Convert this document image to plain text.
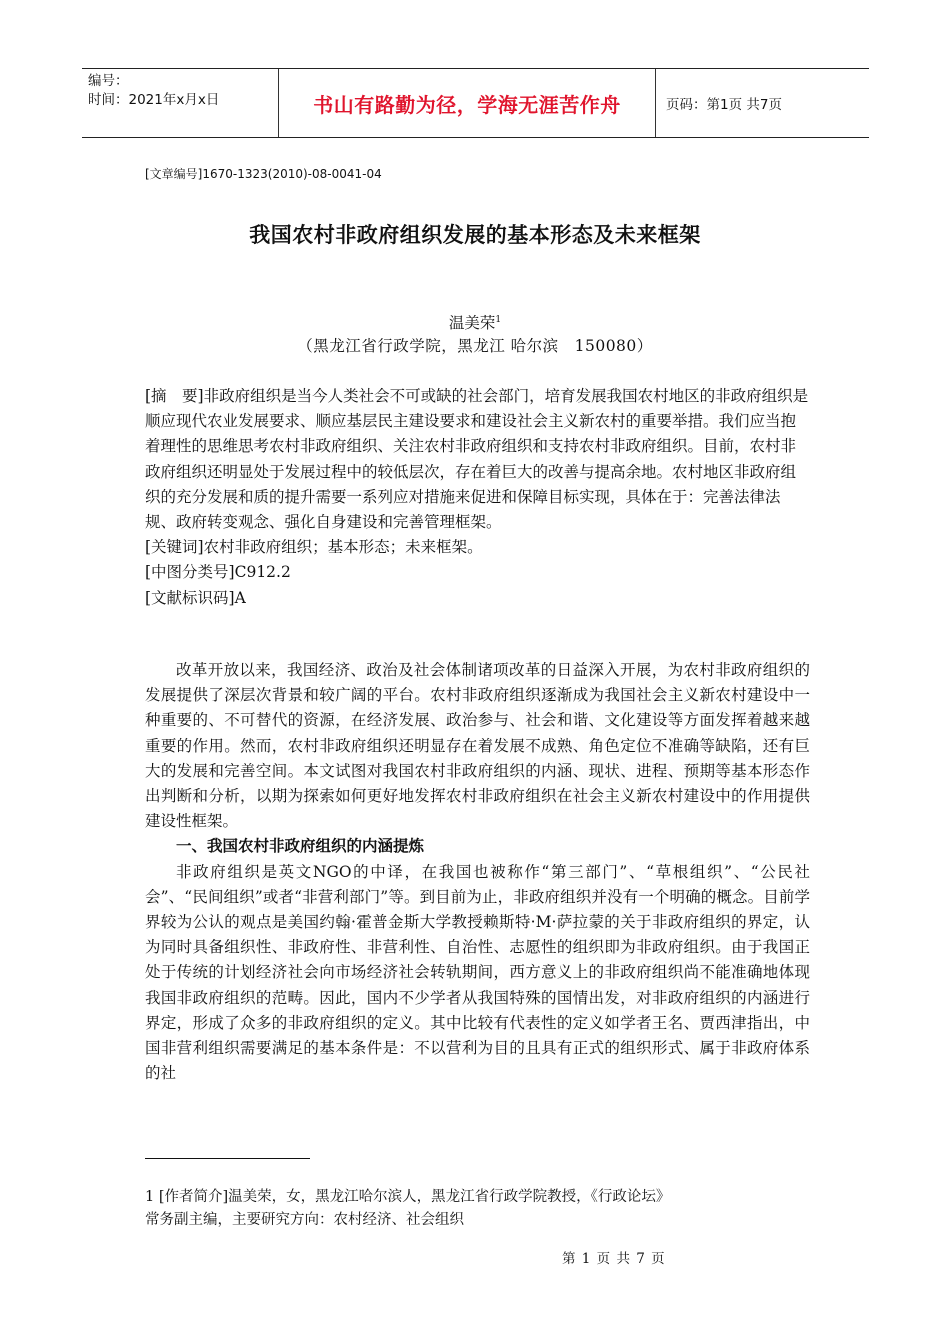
编号：
时间：2021年x月x日	书山有路勤为径，学海无涯苦作舟	页码：第1页 共7页
[文章编号]1670-1323(2010)-08-0041-04
我国农村非政府组织发展的基本形态及未来框架
温美荣$^1$
（黑龙江省行政学院，黑龙江 哈尔滨　150080）

[摘　要]非政府组织是当今人类社会不可或缺的社会部门，培育发展我国农村地区的非政府组织是顺应现代农业发展要求、顺应基层民主建设要求和建设社会主义新农村的重要举措。我们应当抱着理性的思维思考农村非政府组织、关注农村非政府组织和支持农村非政府组织。目前，农村非政府组织还明显处于发展过程中的较低层次，存在着巨大的改善与提高余地。农村地区非政府组织的充分发展和质的提升需要一系列应对措施来促进和保障目标实现，具体在于：完善法律法规、政府转变观念、强化自身建设和完善管理框架。

[关键词]农村非政府组织；基本形态；未来框架。

[中图分类号]C912.2

[文献标识码]A

改革开放以来，我国经济、政治及社会体制诸项改革的日益深入开展，为农村非政府组织的发展提供了深层次背景和较广阔的平台。农村非政府组织逐渐成为我国社会主义新农村建设中一种重要的、不可替代的资源，在经济发展、政治参与、社会和谐、文化建设等方面发挥着越来越重要的作用。然而，农村非政府组织还明显存在着发展不成熟、角色定位不准确等缺陷，还有巨大的发展和完善空间。本文试图对我国农村非政府组织的内涵、现状、进程、预期等基本形态作出判断和分析，以期为探索如何更好地发挥农村非政府组织在社会主义新农村建设中的作用提供建设性框架。

一、我国农村非政府组织的内涵提炼

非政府组织是英文NGO的中译，在我国也被称作“第三部门”、“草根组织”、“公民社会”、“民间组织”或者“非营利部门”等。到目前为止，非政府组织并没有一个明确的概念。目前学界较为公认的观点是美国约翰·霍普金斯大学教授赖斯特·M·萨拉蒙的关于非政府组织的界定，认为同时具备组织性、非政府性、非营利性、自治性、志愿性的组织即为非政府组织。由于我国正处于传统的计划经济社会向市场经济社会转轨期间，西方意义上的非政府组织尚不能准确地体现我国非政府组织的范畴。因此，国内不少学者从我国特殊的国情出发，对非政府组织的内涵进行界定，形成了众多的非政府组织的定义。其中比较有代表性的定义如学者王名、贾西津指出，中国非营利组织需要满足的基本条件是：不以营利为目的且具有正式的组织形式、属于非政府体系的社

1 [作者简介]温美荣，女，黑龙江哈尔滨人，黑龙江省行政学院教授，《行政论坛》

常务副主编，主要研究方向：农村经济、社会组织

第 1 页 共 7 页
